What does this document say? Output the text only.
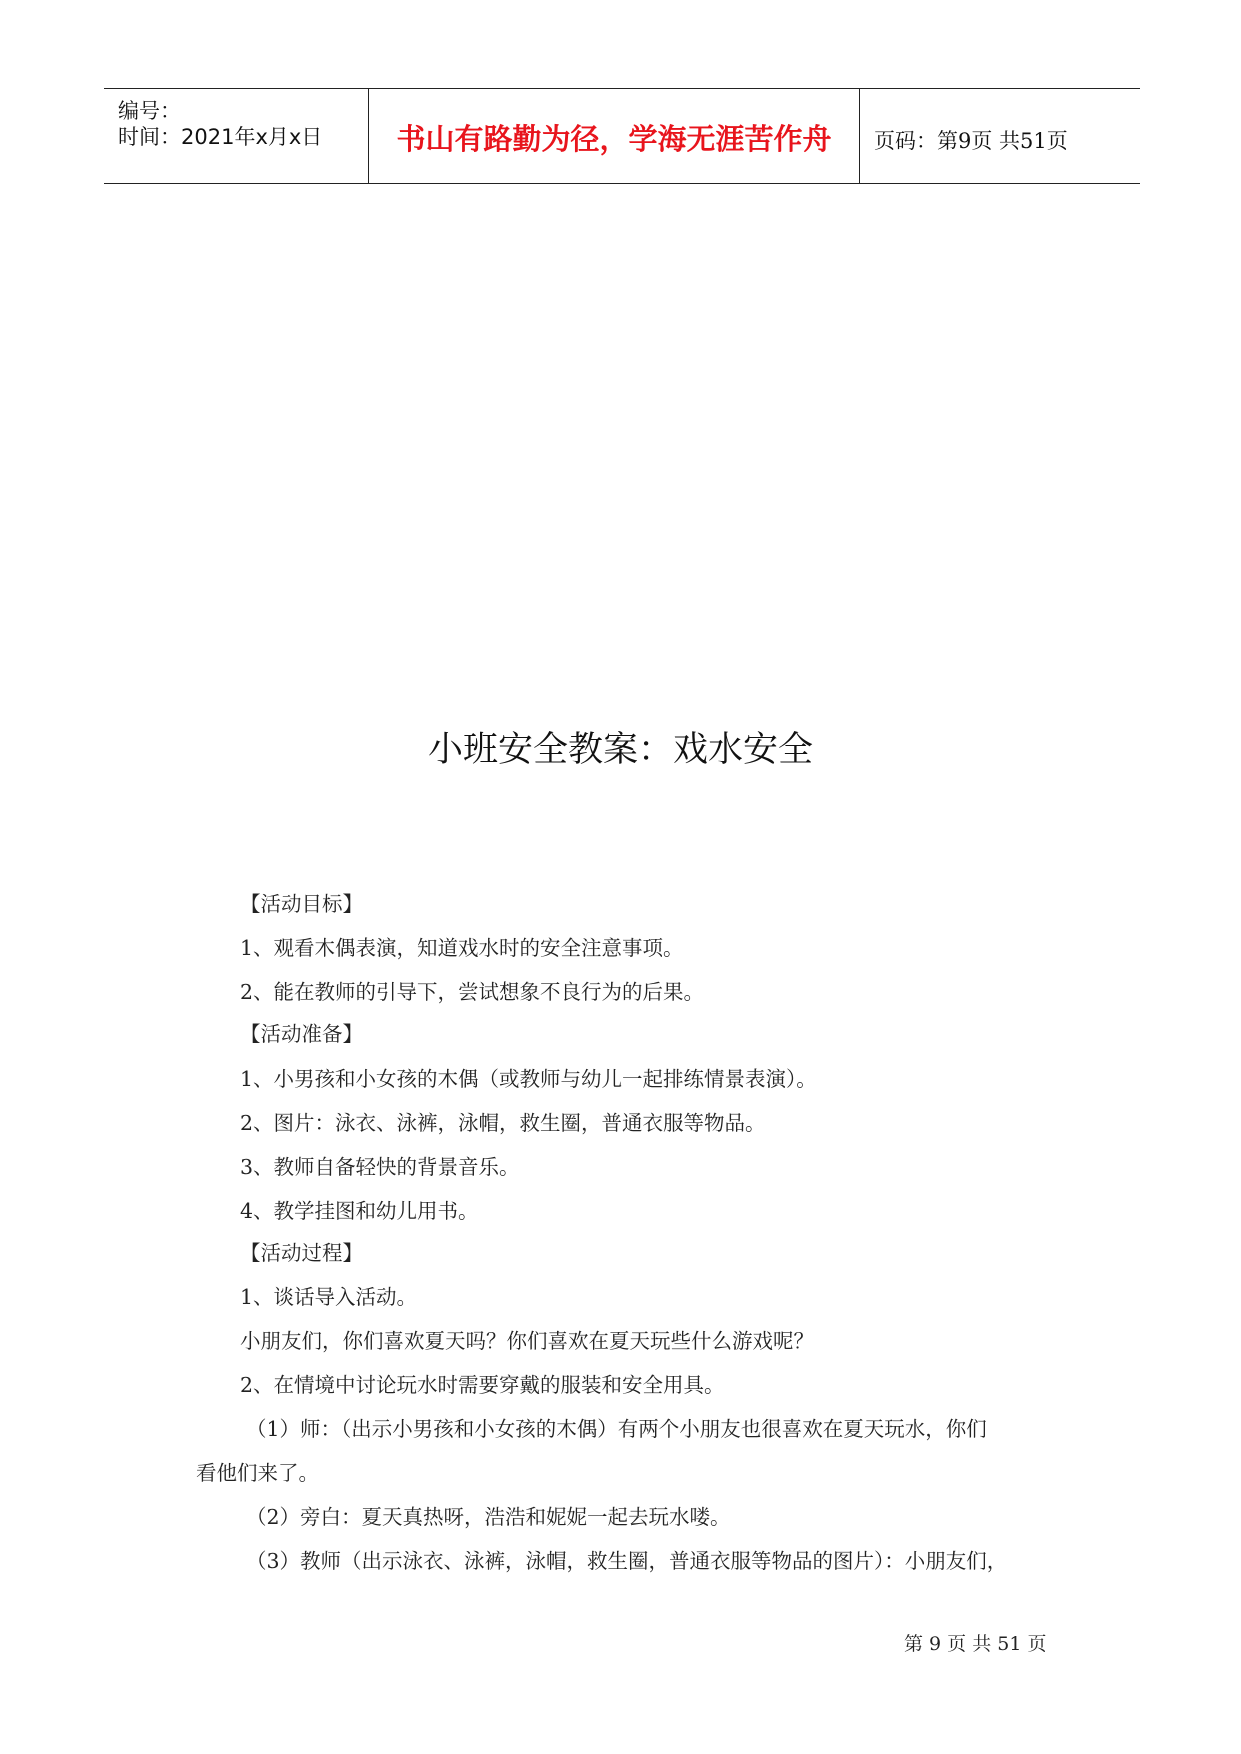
编号：
时间：2021年x月x日	书山有路勤为径，学海无涯苦作舟	页码：第9页 共51页
小班安全教案：戏水安全
【活动目标】
1、观看木偶表演，知道戏水时的安全注意事项。
2、能在教师的引导下，尝试想象不良行为的后果。
【活动准备】
1、小男孩和小女孩的木偶（或教师与幼儿一起排练情景表演）。
2、图片：泳衣、泳裤，泳帽，救生圈，普通衣服等物品。
3、教师自备轻快的背景音乐。
4、教学挂图和幼儿用书。
【活动过程】
1、谈话导入活动。
小朋友们，你们喜欢夏天吗？你们喜欢在夏天玩些什么游戏呢？
2、在情境中讨论玩水时需要穿戴的服装和安全用具。
（1）师：（出示小男孩和小女孩的木偶）有两个小朋友也很喜欢在夏天玩水，你们
看他们来了。
（2）旁白：夏天真热呀，浩浩和妮妮一起去玩水喽。
（3）教师（出示泳衣、泳裤，泳帽，救生圈，普通衣服等物品的图片）：小朋友们，
第 9 页 共 51 页
